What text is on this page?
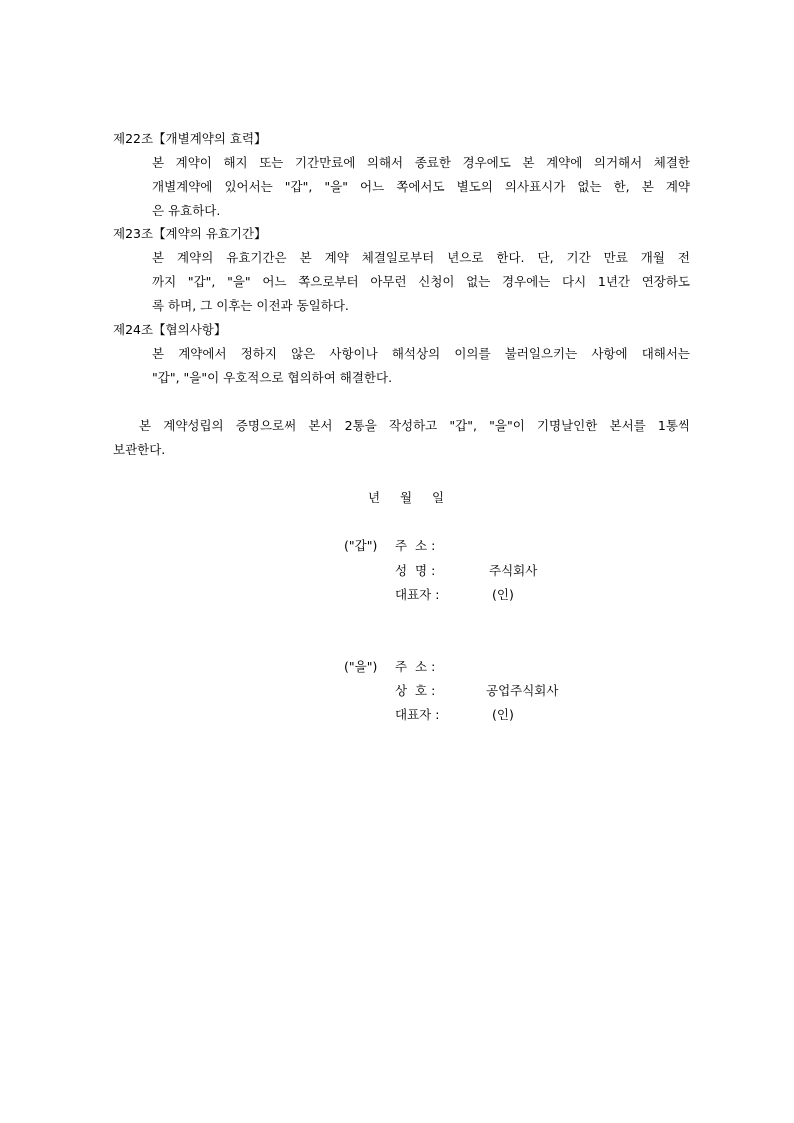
제22조【개별계약의 효력】
본 계약이 해지 또는 기간만료에 의해서 종료한 경우에도 본 계약에 의거해서 체결한
개별계약에 있어서는 "갑", "을" 어느 쪽에서도 별도의 의사표시가 없는 한, 본 계약
은 유효하다.
제23조【계약의 유효기간】
본 계약의 유효기간은 본 계약 체결일로부터 년으로 한다. 단, 기간 만료 개월 전
까지 "갑", "을" 어느 쪽으로부터 아무런 신청이 없는 경우에는 다시 1년간 연장하도
록 하며, 그 이후는 이전과 동일하다.
제24조【협의사항】
본 계약에서 정하지 않은 사항이나 해석상의 이의를 불러일으키는 사항에 대해서는
"갑", "을"이 우호적으로 협의하여 해결한다.
본 계약성립의 증명으로써 본서 2통을 작성하고 "갑", "을"이 기명날인한 본서를 1통씩
보관한다.
년 월 일
("갑") 주  소 :
성  명 :	주식회사
대표자 :	(인)
("을") 주  소 :
상  호 :	공업주식회사
대표자 :	(인)
